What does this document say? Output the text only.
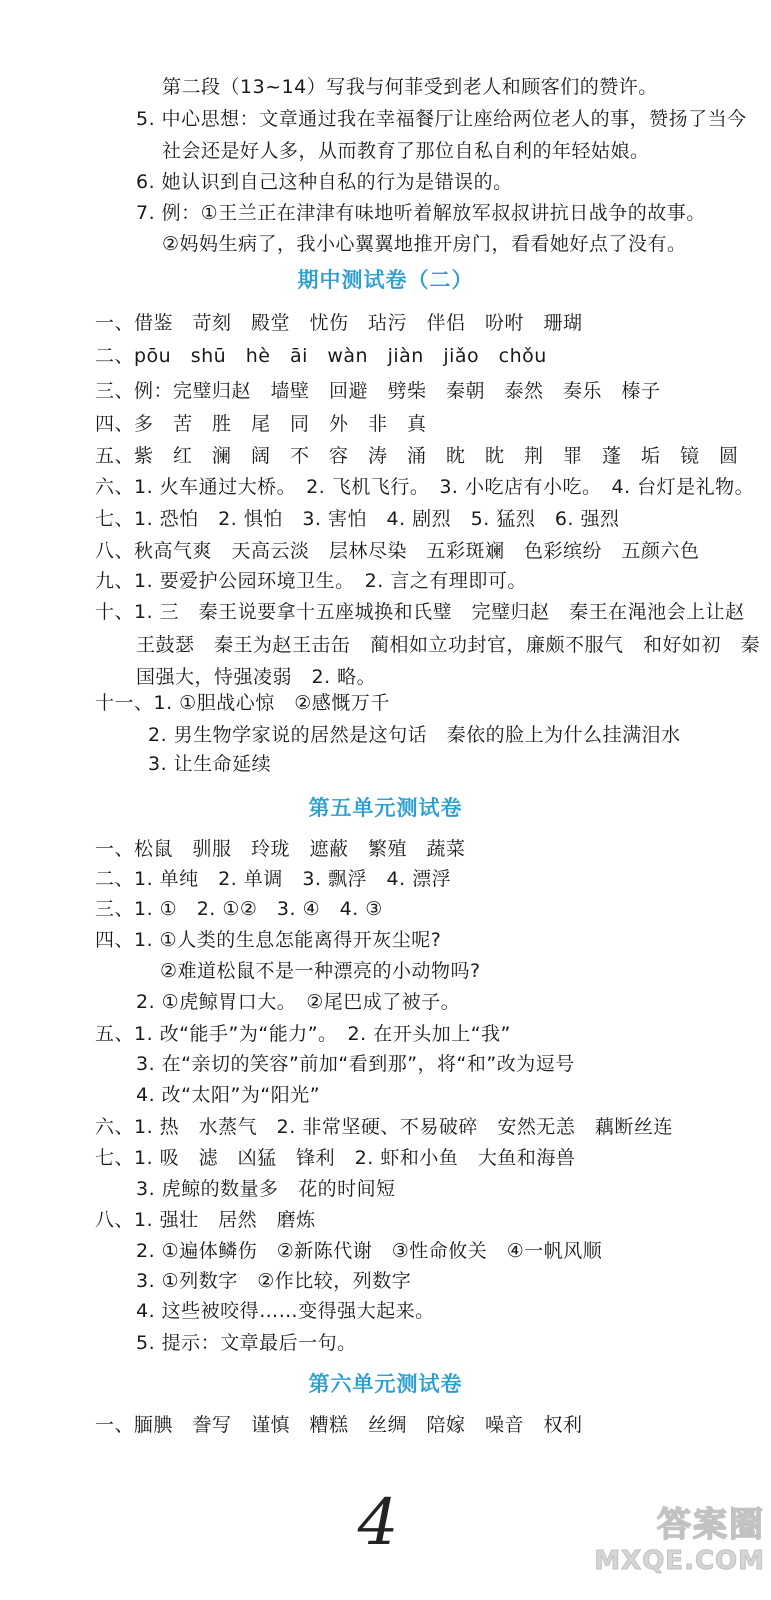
第二段（13~14）写我与何菲受到老人和顾客们的赞许。
5. 中心思想：文章通过我在幸福餐厅让座给两位老人的事，赞扬了当今
社会还是好人多，从而教育了那位自私自利的年轻姑娘。
6. 她认识到自己这种自私的行为是错误的。
7. 例：①王兰正在津津有味地听着解放军叔叔讲抗日战争的故事。
②妈妈生病了，我小心翼翼地推开房门，看看她好点了没有。
期中测试卷（二）
一、借鉴　苛刻　殿堂　忧伤　玷污　伴侣　吩咐　珊瑚
二、pōu　shū　hè　āi　wàn　jiàn　jiǎo　chǒu
三、例：完璧归赵　墙壁　回避　劈柴　秦朝　泰然　奏乐　榛子
四、多　苦　胜　尾　同　外　非　真
五、紫　红　澜　阔　不　容　涛　涌　眈　眈　荆　罪　蓬　垢　镜　圆
六、1. 火车通过大桥。　2. 飞机飞行。　3. 小吃店有小吃。　4. 台灯是礼物。
七、1. 恐怕　2. 惧怕　3. 害怕　4. 剧烈　5. 猛烈　6. 强烈
八、秋高气爽　天高云淡　层林尽染　五彩斑斓　色彩缤纷　五颜六色
九、1. 要爱护公园环境卫生。　2. 言之有理即可。
十、1. 三　秦王说要拿十五座城换和氏璧　完璧归赵　秦王在渑池会上让赵
王鼓瑟　秦王为赵王击缶　蔺相如立功封官，廉颇不服气　和好如初　秦
国强大，恃强凌弱　2. 略。
十一、1. ①胆战心惊　②感慨万千
2. 男生物学家说的居然是这句话　秦依的脸上为什么挂满泪水
3. 让生命延续
第五单元测试卷
一、松鼠　驯服　玲珑　遮蔽　繁殖　蔬菜
二、1. 单纯　2. 单调　3. 飘浮　4. 漂浮
三、1. ①　2. ①②　3. ④　4. ③
四、1. ①人类的生息怎能离得开灰尘呢?
②难道松鼠不是一种漂亮的小动物吗?
2. ①虎鲸胃口大。　②尾巴成了被子。
五、1. 改“能手”为“能力”。　2. 在开头加上“我”
3. 在“亲切的笑容”前加“看到那”，将“和”改为逗号
4. 改“太阳”为“阳光”
六、1. 热　水蒸气　2. 非常坚硬、不易破碎　安然无恙　藕断丝连
七、1. 吸　滤　凶猛　锋利　2. 虾和小鱼　大鱼和海兽
3. 虎鲸的数量多　花的时间短
八、1. 强壮　居然　磨炼
2. ①遍体鳞伤　②新陈代谢　③性命攸关　④一帆风顺
3. ①列数字　②作比较，列数字
4. 这些被咬得……变得强大起来。
5. 提示：文章最后一句。
第六单元测试卷
一、腼腆　誊写　谨慎　糟糕　丝绸　陪嫁　噪音　权利
4	答案圈
MXQE.COM
